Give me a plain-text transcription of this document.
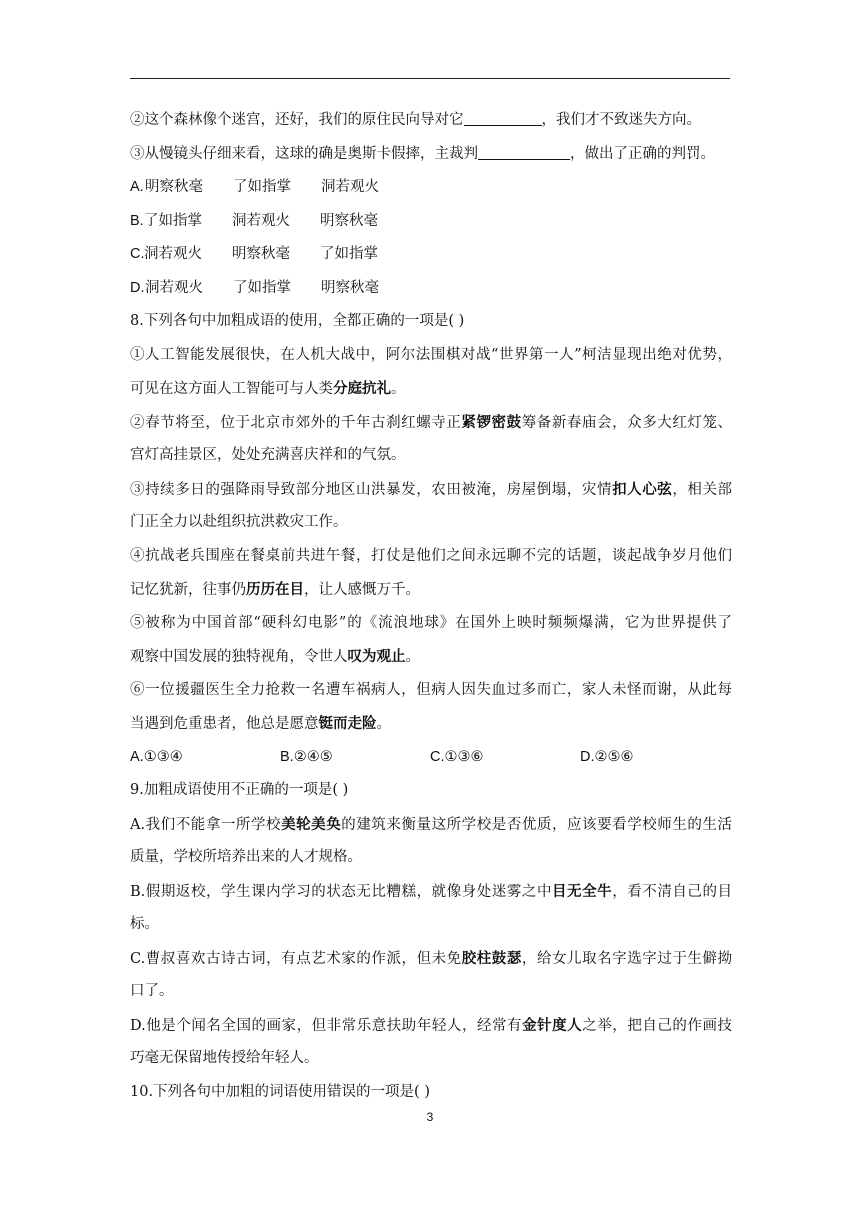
②这个森林像个迷宫，还好，我们的原住民向导对它	，我们才不致迷失方向。
③从慢镜头仔细来看，这球的确是奥斯卡假摔，主裁判	，做出了正确的判罚。
A. 明察秋毫	了如指掌	洞若观火
B. 了如指掌	洞若观火	明察秋毫
C. 洞若观火	明察秋毫	了如指掌
D. 洞若观火	了如指掌	明察秋毫
8.下列各句中加粗成语的使用，全都正确的一项是( )
①人工智能发展很快，在人机大战中，阿尔法围棋对战“世界第一人”柯洁显现出绝对优势，
可见在这方面人工智能可与人类分庭抗礼。
②春节将至，位于北京市郊外的千年古刹红螺寺正紧锣密鼓筹备新春庙会，众多大红灯笼、
宫灯高挂景区，处处充满喜庆祥和的气氛。
③持续多日的强降雨导致部分地区山洪暴发，农田被淹，房屋倒塌，灾情扣人心弦，相关部
门正全力以赴组织抗洪救灾工作。
④抗战老兵围座在餐桌前共进午餐，打仗是他们之间永远聊不完的话题，谈起战争岁月他们
记忆犹新，往事仍历历在目，让人感慨万千。
⑤被称为中国首部“硬科幻电影”的《流浪地球》在国外上映时频频爆满，它为世界提供了
观察中国发展的独特视角，令世人叹为观止。
⑥一位援疆医生全力抢救一名遭车祸病人，但病人因失血过多而亡，家人未怪而谢，从此每
当遇到危重患者，他总是愿意铤而走险。
A.①③④	B.②④⑤	C.①③⑥	D.②⑤⑥
9.加粗成语使用不正确的一项是( )
A.我们不能拿一所学校美轮美奂的建筑来衡量这所学校是否优质，应该要看学校师生的生活
质量，学校所培养出来的人才规格。
B.假期返校，学生课内学习的状态无比糟糕，就像身处迷雾之中目无全牛，看不清自己的目
标。
C.曹叔喜欢古诗古词，有点艺术家的作派，但未免胶柱鼓瑟，给女儿取名字选字过于生僻拗
口了。
D.他是个闻名全国的画家，但非常乐意扶助年轻人，经常有金针度人之举，把自己的作画技
巧毫无保留地传授给年轻人。
10.下列各句中加粗的词语使用错误的一项是( )
3
